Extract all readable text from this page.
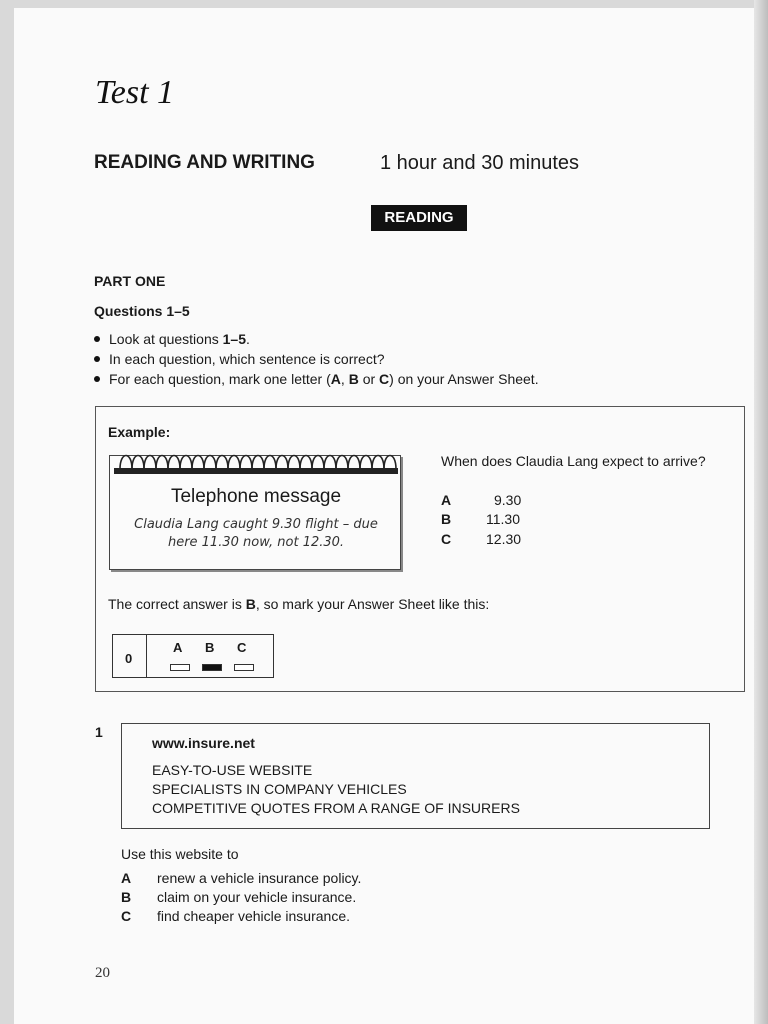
Test 1
READING AND WRITING	1 hour and 30 minutes
READING
PART ONE
Questions 1–5
Look at questions 1–5.
In each question, which sentence is correct?
For each question, mark one letter (A, B or C) on your Answer Sheet.
Example:
Telephone message
Claudia Lang caught 9.30 flight – due here 11.30 now, not 12.30.
When does Claudia Lang expect to arrive?
A	9.30
B 11.30
C 12.30
The correct answer is B, so mark your Answer Sheet like this:
0
A B C
1
www.insure.net
EASY-TO-USE WEBSITE
SPECIALISTS IN COMPANY VEHICLES
COMPETITIVE QUOTES FROM A RANGE OF INSURERS
Use this website to
A renew a vehicle insurance policy.
B claim on your vehicle insurance.
C find cheaper vehicle insurance.
20
